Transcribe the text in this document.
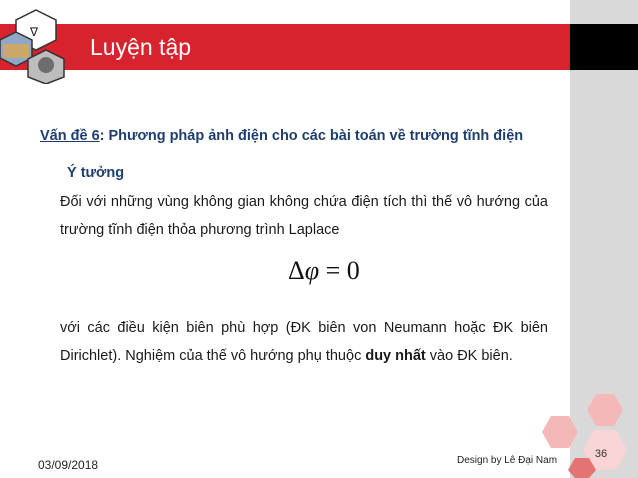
Luyện tập
∇
Vấn đề 6: Phương pháp ảnh điện cho các bài toán về trường tĩnh điện
Ý tưởng
Đối với những vùng không gian không chứa điện tích thì thế vô hướng của trường tĩnh điện thỏa phương trình Laplace
Δφ = 0
với các điều kiện biên phù hợp (ĐK biên von Neumann hoặc ĐK biên Dirichlet). Nghiệm của thế vô hướng phụ thuộc duy nhất vào ĐK biên.
36
Design by Lê Đại Nam
03/09/2018
